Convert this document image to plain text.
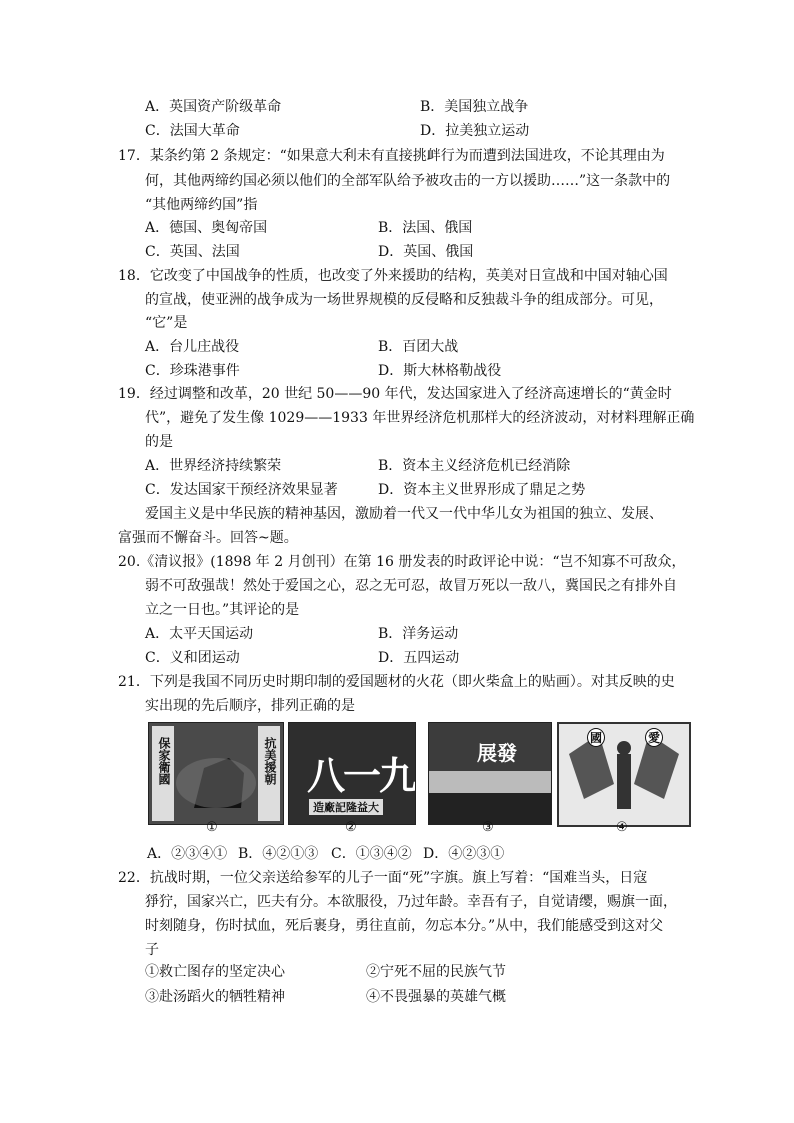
A．英国资产阶级革命	B．美国独立战争
C．法国大革命	D．拉美独立运动
17．某条约第 2 条规定：“如果意大利未有直接挑衅行为而遭到法国进攻，不论其理由为
何，其他两缔约国必须以他们的全部军队给予被攻击的一方以援助……”这一条款中的
“其他两缔约国”指
A．德国、奥匈帝国	B．法国、俄国
C．英国、法国	D．英国、俄国
18．它改变了中国战争的性质，也改变了外来援助的结构，英美对日宣战和中国对轴心国
的宣战，使亚洲的战争成为一场世界规模的反侵略和反独裁斗争的组成部分。可见，
“它”是
A．台儿庄战役	B．百团大战
C．珍珠港事件	D．斯大林格勒战役
19．经过调整和改革，20 世纪 50——90 年代，发达国家进入了经济高速增长的“黄金时
代”，避免了发生像 1029——1933 年世界经济危机那样大的经济波动，对材料理解正确
的是
A．世界经济持续繁荣	B．资本主义经济危机已经消除
C．发达国家干预经济效果显著	D．资本主义世界形成了鼎足之势
爱国主义是中华民族的精神基因，激励着一代又一代中华儿女为祖国的独立、发展、
富强而不懈奋斗。回答~题。
20.《清议报》(1898 年 2 月创刊）在第 16 册发表的时政评论中说：“岂不知寡不可敌众，
弱不可敌强哉！然处于爱国之心，忍之无可忍，故冒万死以一敌八，冀国民之有排外自
立之一日也。”其评论的是
A．太平天国运动	B．洋务运动
C．义和团运动	D．五四运动
21．下列是我国不同历史时期印制的爱国题材的火花（即火柴盒上的贴画）。对其反映的史
实出现的先后顺序，排列正确的是
保家衛國	抗美援朝 九一八
大益隆記廠造
發展
愛
國
①	②	③	④
A．②③④① B．④②①③ C．①③④② D．④②③①
22．抗战时期，一位父亲送给参军的儿子一面“死”字旗。旗上写着：“国难当头，日寇
猙狞，国家兴亡，匹夫有分。本欲服役，乃过年龄。幸吾有子，自觉请缨，赐旗一面，
时刻随身，伤时拭血，死后裹身，勇往直前，勿忘本分。”从中，我们能感受到这对父
子
①救亡图存的坚定决心	②宁死不屈的民族气节
③赴汤蹈火的牺牲精神	④不畏强暴的英雄气概
